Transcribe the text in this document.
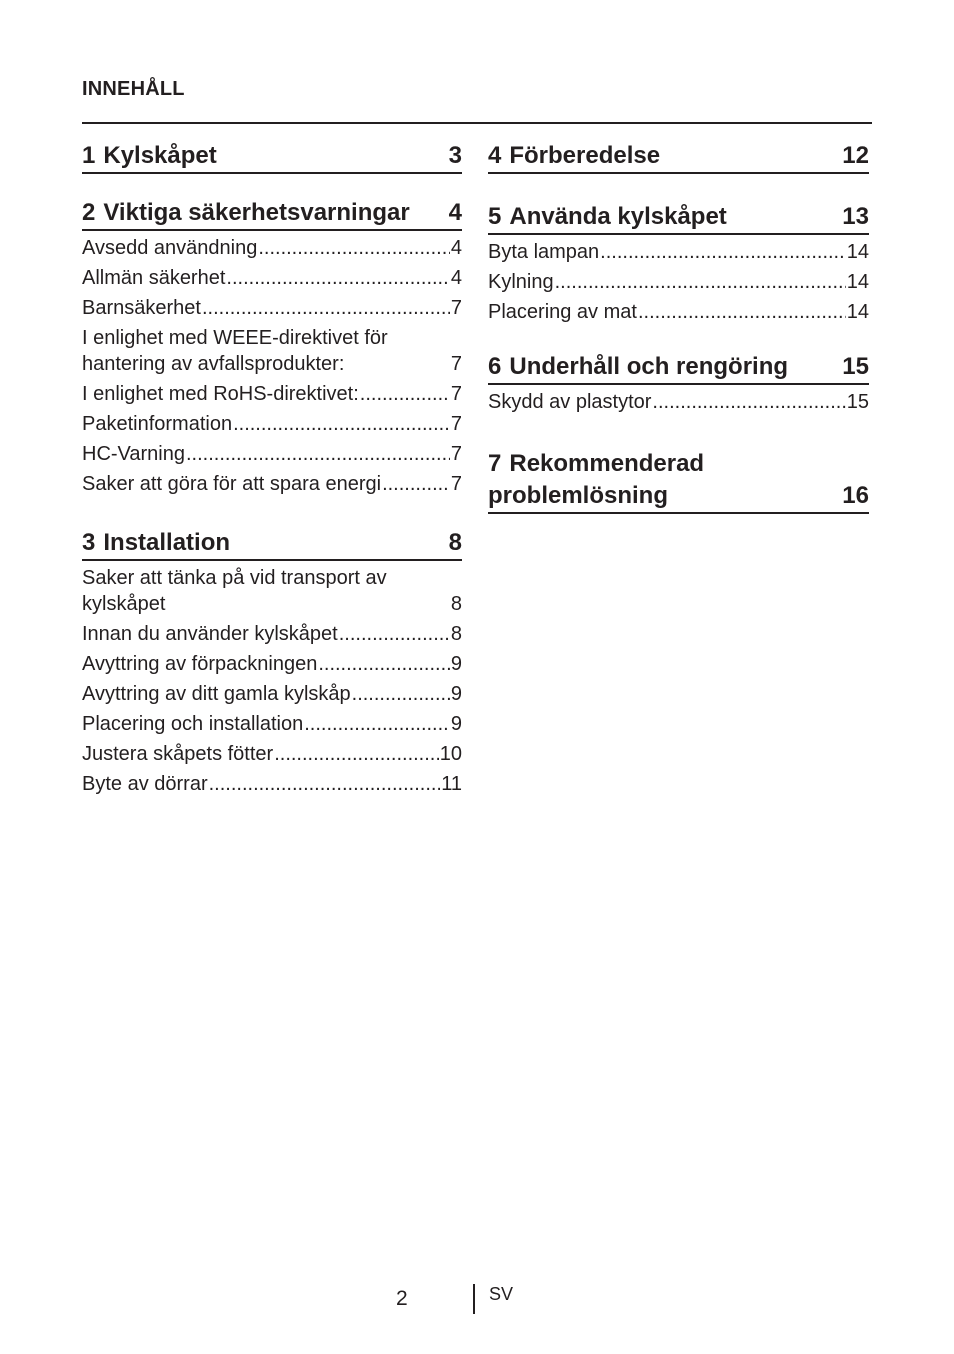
INNEHÅLL
1 Kylskåpet	3
2 Viktiga säkerhetsvarningar	4
Avsedd användning .....	4
Allmän säkerhet .....	4
Barnsäkerhet .....	7
I enlighet med WEEE-direktivet för hantering av avfallsprodukter:	7
I enlighet med RoHS-direktivet: .....	7
Paketinformation .....	7
HC-Varning .....	7
Saker att göra för att spara energi .....	7
3 Installation	8
Saker att tänka på vid transport av kylskåpet	8
Innan du använder kylskåpet .....	8
Avyttring av förpackningen .....	9
Avyttring av ditt gamla kylskåp .....	9
Placering och installation .....	9
Justera skåpets fötter .....	10
Byte av dörrar .....	11
4 Förberedelse	12
5 Använda kylskåpet	13
Byta lampan .....	14
Kylning .....	14
Placering av mat .....	14
6 Underhåll och rengöring	15
Skydd av plastytor .....	15
7 Rekommenderad problemlösning	16
2	SV
